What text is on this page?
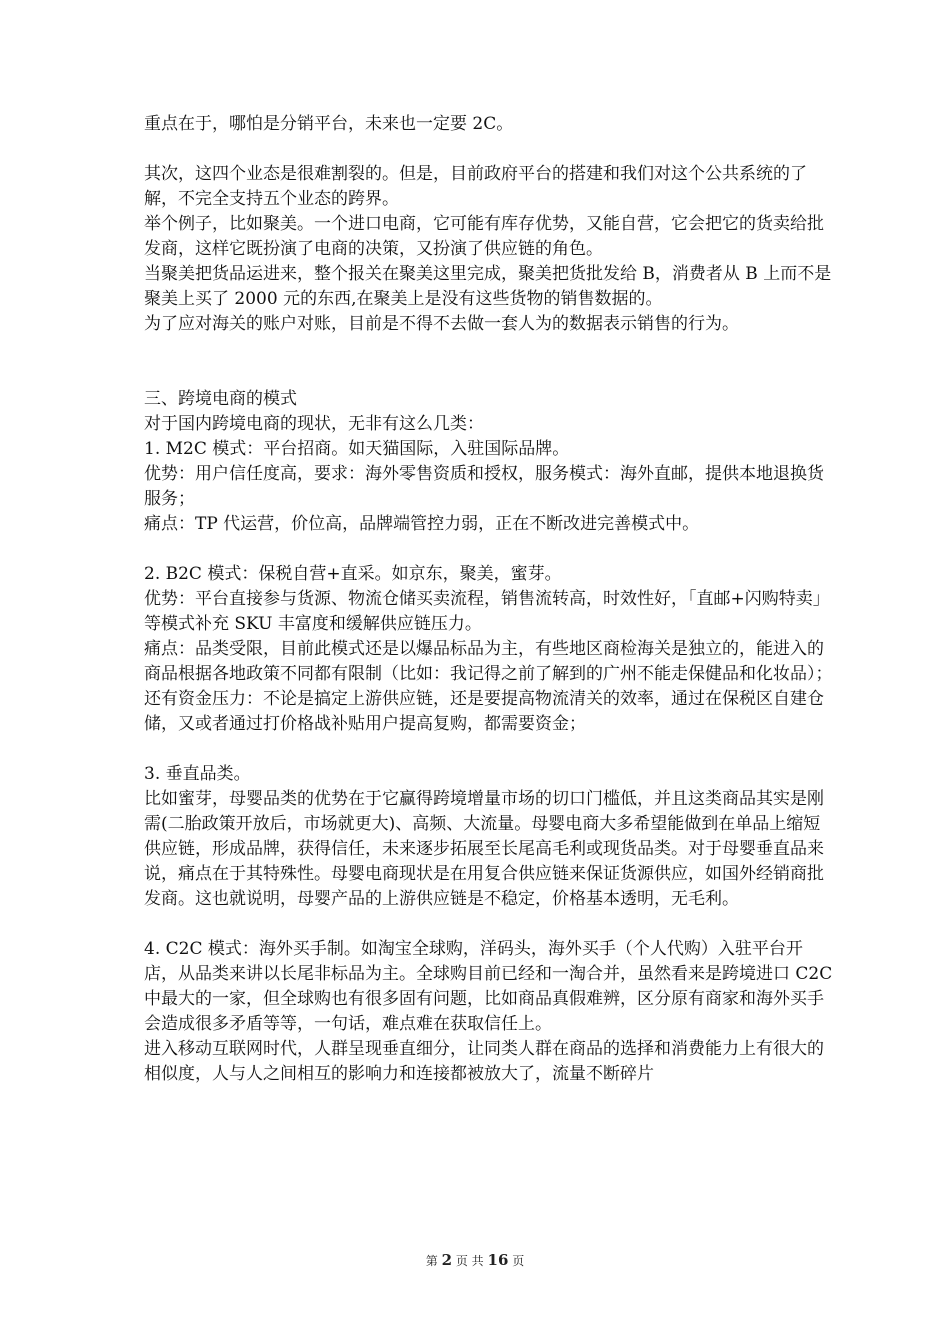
重点在于，哪怕是分销平台，未来也一定要 2C。

其次，这四个业态是很难割裂的。但是，目前政府平台的搭建和我们对这个公共系统的了解，不完全支持五个业态的跨界。

举个例子，比如聚美。一个进口电商，它可能有库存优势，又能自营，它会把它的货卖给批发商，这样它既扮演了电商的决策，又扮演了供应链的角色。

当聚美把货品运进来，整个报关在聚美这里完成，聚美把货批发给 B，消费者从 B 上而不是聚美上买了 2000 元的东西,在聚美上是没有这些货物的销售数据的。

为了应对海关的账户对账，目前是不得不去做一套人为的数据表示销售的行为。

三、跨境电商的模式

对于国内跨境电商的现状，无非有这么几类：

1. M2C 模式：平台招商。如天猫国际，入驻国际品牌。

优势：用户信任度高，要求：海外零售资质和授权，服务模式：海外直邮，提供本地退换货服务；

痛点：TP 代运营，价位高，品牌端管控力弱，正在不断改进完善模式中。

2. B2C 模式：保税自营+直采。如京东，聚美，蜜芽。

优势：平台直接参与货源、物流仓储买卖流程，销售流转高，时效性好，「直邮+闪购特卖」等模式补充 SKU 丰富度和缓解供应链压力。

痛点：品类受限，目前此模式还是以爆品标品为主，有些地区商检海关是独立的，能进入的商品根据各地政策不同都有限制（比如：我记得之前了解到的广州不能走保健品和化妆品）；还有资金压力：不论是搞定上游供应链，还是要提高物流清关的效率，通过在保税区自建仓储，又或者通过打价格战补贴用户提高复购，都需要资金；

3. 垂直品类。

比如蜜芽，母婴品类的优势在于它赢得跨境增量市场的切口门槛低，并且这类商品其实是刚需(二胎政策开放后，市场就更大)、高频、大流量。母婴电商大多希望能做到在单品上缩短供应链，形成品牌，获得信任，未来逐步拓展至长尾高毛利或现货品类。对于母婴垂直品来说，痛点在于其特殊性。母婴电商现状是在用复合供应链来保证货源供应，如国外经销商批发商。这也就说明，母婴产品的上游供应链是不稳定，价格基本透明，无毛利。

4. C2C 模式：海外买手制。如淘宝全球购，洋码头，海外买手（个人代购）入驻平台开店，从品类来讲以长尾非标品为主。全球购目前已经和一淘合并，虽然看来是跨境进口 C2C 中最大的一家，但全球购也有很多固有问题，比如商品真假难辨，区分原有商家和海外买手会造成很多矛盾等等，一句话，难点难在获取信任上。

进入移动互联网时代，人群呈现垂直细分，让同类人群在商品的选择和消费能力上有很大的相似度，人与人之间相互的影响力和连接都被放大了，流量不断碎片

第 2 页 共 16 页
